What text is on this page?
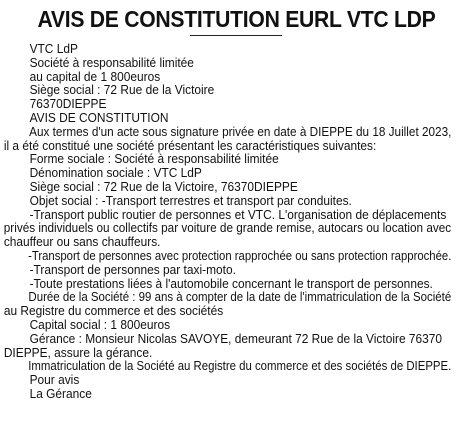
AVIS DE CONSTITUTION EURL VTC LDP
VTC LdP
Société à responsabilité limitée
au capital de 1 800euros
Siège social : 72 Rue de la Victoire
76370DIEPPE
AVIS DE CONSTITUTION
Aux termes d'un acte sous signature privée en date à DIEPPE du 18 Juillet 2023,
il a été constitué une société présentant les caractéristiques suivantes:
Forme sociale : Société à responsabilité limitée
Dénomination sociale : VTC LdP
Siège social : 72 Rue de la Victoire, 76370DIEPPE
Objet social : -Transport terrestres et transport par conduites.
-Transport public routier de personnes et VTC. L'organisation de déplacements
privés individuels ou collectifs par voiture de grande remise, autocars ou location avec
chauffeur ou sans chauffeurs.
-Transport de personnes avec protection rapprochée ou sans protection rapprochée.
-Transport de personnes par taxi-moto.
-Toute prestations liées à l'automobile concernant le transport de personnes.
Durée de la Société : 99 ans à compter de la date de l'immatriculation de la Société
au Registre du commerce et des sociétés
Capital social : 1 800euros
Gérance : Monsieur Nicolas SAVOYE, demeurant 72 Rue de la Victoire 76370
DIEPPE, assure la gérance.
Immatriculation de la Société au Registre du commerce et des sociétés de DIEPPE.
Pour avis
La Gérance
